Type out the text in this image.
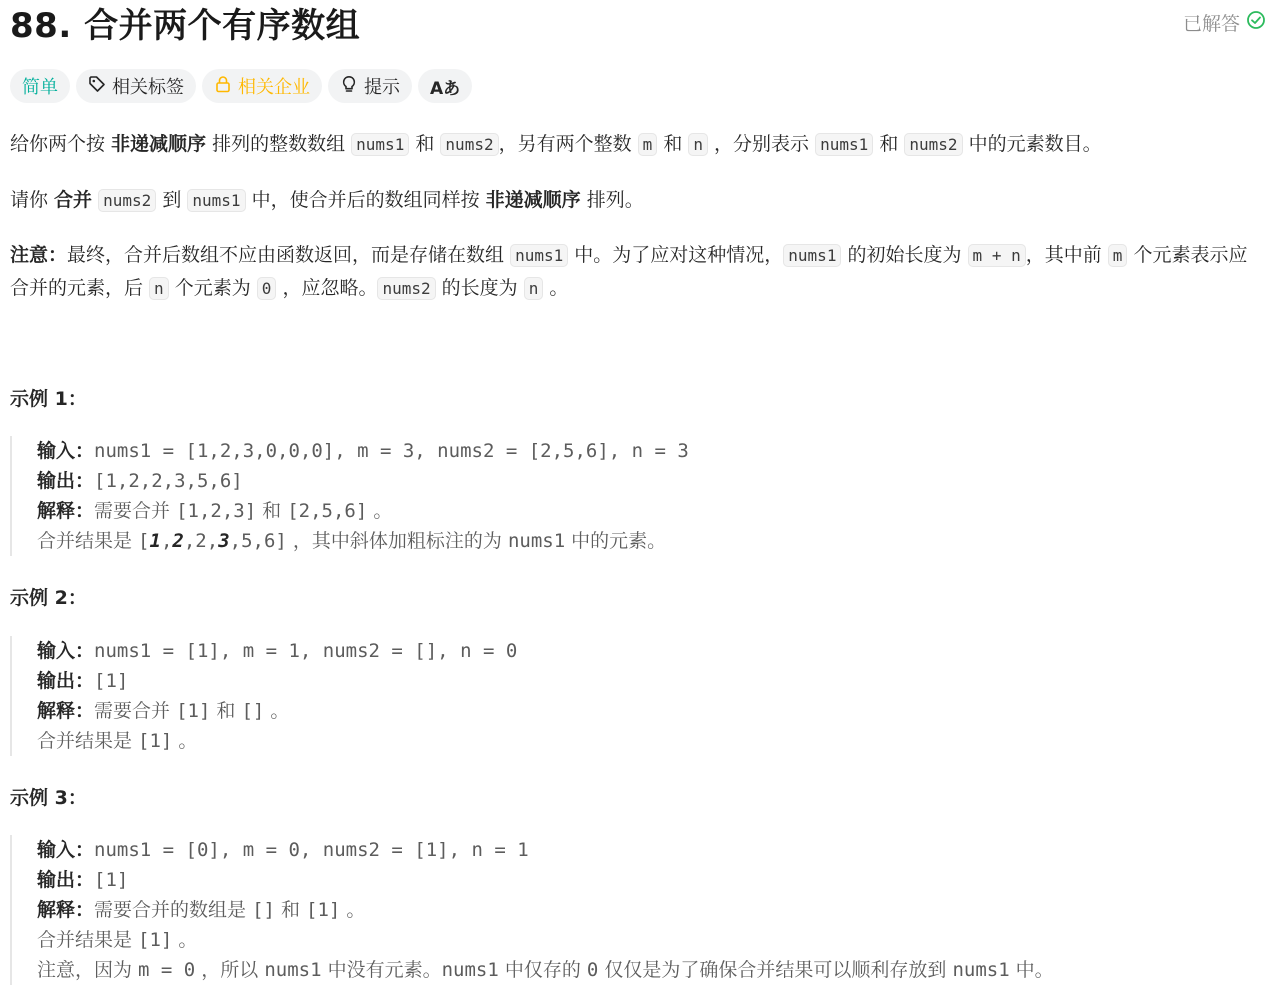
88. 合并两个有序数组	已解答
简单	相关标签	相关企业	提示 Aあ
给你两个按 非递减顺序 排列的整数数组 nums1 和 nums2 ，另有两个整数 m 和 n ，分别表示 nums1 和 nums2 中的元素数目。
请你 合并 nums2 到 nums1 中，使合并后的数组同样按 非递减顺序 排列。
注意：最终，合并后数组不应由函数返回，而是存储在数组 nums1 中。为了应对这种情况， nums1 的初始长度为 m + n ，其中前 m 个元素表示应合并的元素，后 n 个元素为 0 ，应忽略。 nums2 的长度为 n 。
示例 1：
输入：nums1 = [1,2,3,0,0,0], m = 3, nums2 = [2,5,6], n = 3
输出：[1,2,2,3,5,6]
解释：需要合并 [1,2,3] 和 [2,5,6] 。
合并结果是 [1,2,2,3,5,6] ，其中斜体加粗标注的为 nums1 中的元素。
示例 2：
输入：nums1 = [1], m = 1, nums2 = [], n = 0
输出：[1]
解释：需要合并 [1] 和 [] 。
合并结果是 [1] 。
示例 3：
输入：nums1 = [0], m = 0, nums2 = [1], n = 1
输出：[1]
解释：需要合并的数组是 [] 和 [1] 。
合并结果是 [1] 。
注意，因为 m = 0 ，所以 nums1 中没有元素。nums1 中仅存的 0 仅仅是为了确保合并结果可以顺利存放到 nums1 中。
